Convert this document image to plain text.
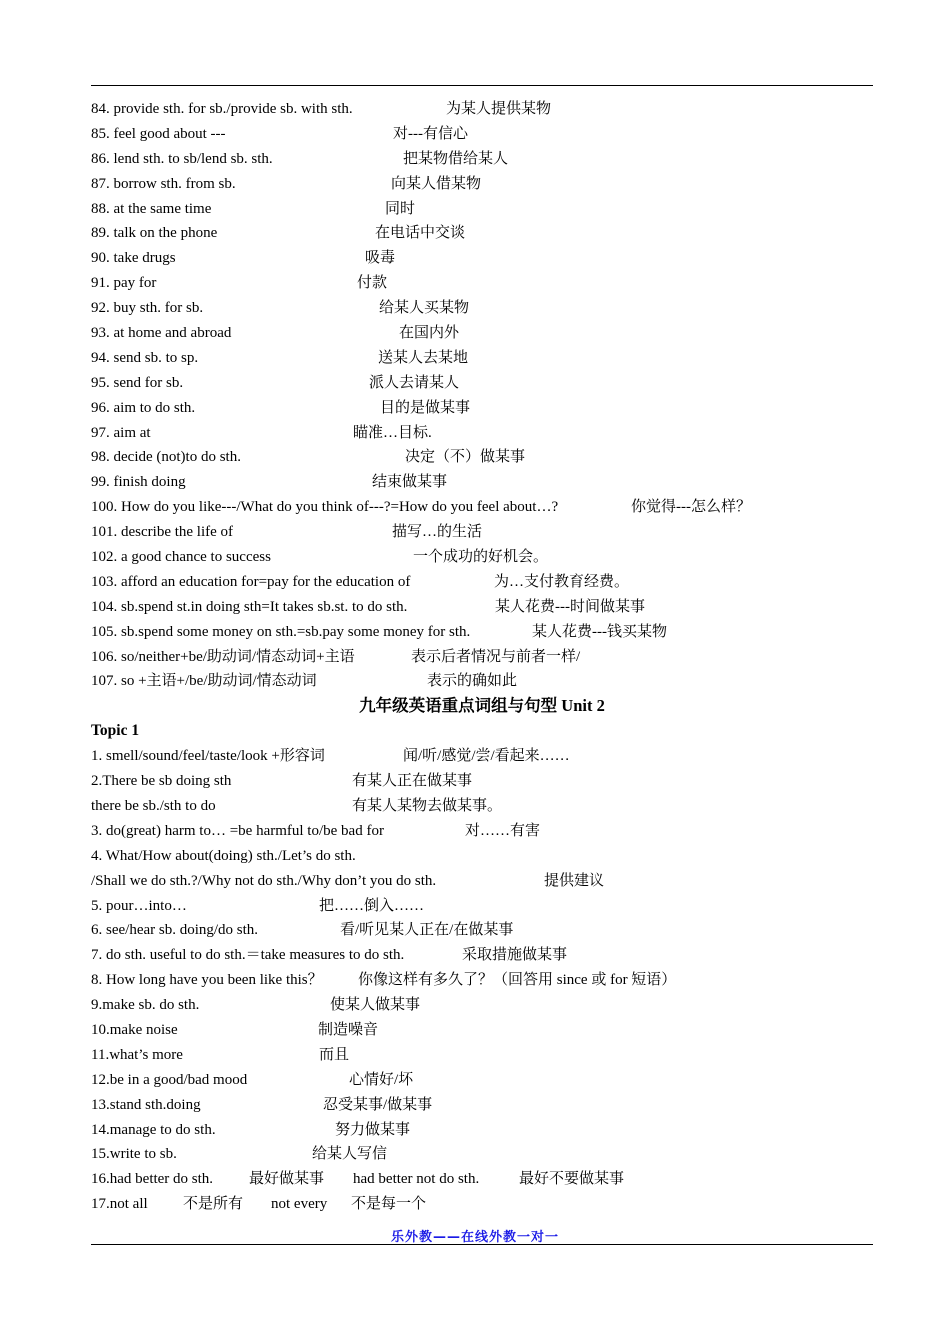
84. provide sth. for sb./provide sb. with sth.	为某人提供某物
85. feel good about ---	对---有信心
86. lend sth. to sb/lend sb. sth.	把某物借给某人
87. borrow sth. from sb.	向某人借某物
88. at the same time	同时
89. talk on the phone	在电话中交谈
90. take drugs	吸毒
91. pay for	付款
92. buy sth. for sb.	给某人买某物
93. at home and abroad	在国内外
94. send sb. to sp.	送某人去某地
95. send for sb.	派人去请某人
96. aim to do sth.	目的是做某事
97. aim at	瞄准…目标.
98. decide (not)to do sth.	决定（不）做某事
99. finish doing	结束做某事
100. How do you like---/What do you think of---?=How do you feel about…?	你觉得---怎么样？
101. describe the life of	描写…的生活
102. a good chance to success	一个成功的好机会。
103. afford an education for=pay for the education of	为…支付教育经费。
104. sb.spend st.in doing sth=It takes sb.st. to do sth.	某人花费---时间做某事
105. sb.spend some money on sth.=sb.pay some money for sth.	某人花费---钱买某物
106. so/neither+be/助动词/情态动词+主语	表示后者情况与前者一样/
107. so +主语+/be/助动词/情态动词	表示的确如此
九年级英语重点词组与句型 Unit 2
Topic 1
1. smell/sound/feel/taste/look +形容词	闻/听/感觉/尝/看起来……
2.There be sb doing sth	有某人正在做某事
there be sb./sth to do	有某人某物去做某事。
3. do(great) harm to… =be harmful to/be bad for	对……有害
4. What/How about(doing) sth./Let’s do sth.
/Shall we do sth.?/Why not do sth./Why don’t you do sth.	提供建议
5. pour…into…	把……倒入……
6. see/hear sb. doing/do sth.	看/听见某人正在/在做某事
7. do sth. useful to do sth.＝take measures to do sth.	采取措施做某事
8. How long have you been like this？ 你像这样有多久了？（回答用 since 或 for 短语）
9.make sb. do sth.	使某人做某事
10.make noise	制造噪音
11.what’s more	而且
12.be in a good/bad mood	心情好/坏
13.stand sth.doing	忍受某事/做某事
14.manage to do sth.	努力做某事
15.write to sb.	给某人写信
16.had better do sth. 最好做某事 had better not do sth.	最好不要做某事
17.not all 不是所有 not every 不是每一个
乐外教——在线外教一对一
